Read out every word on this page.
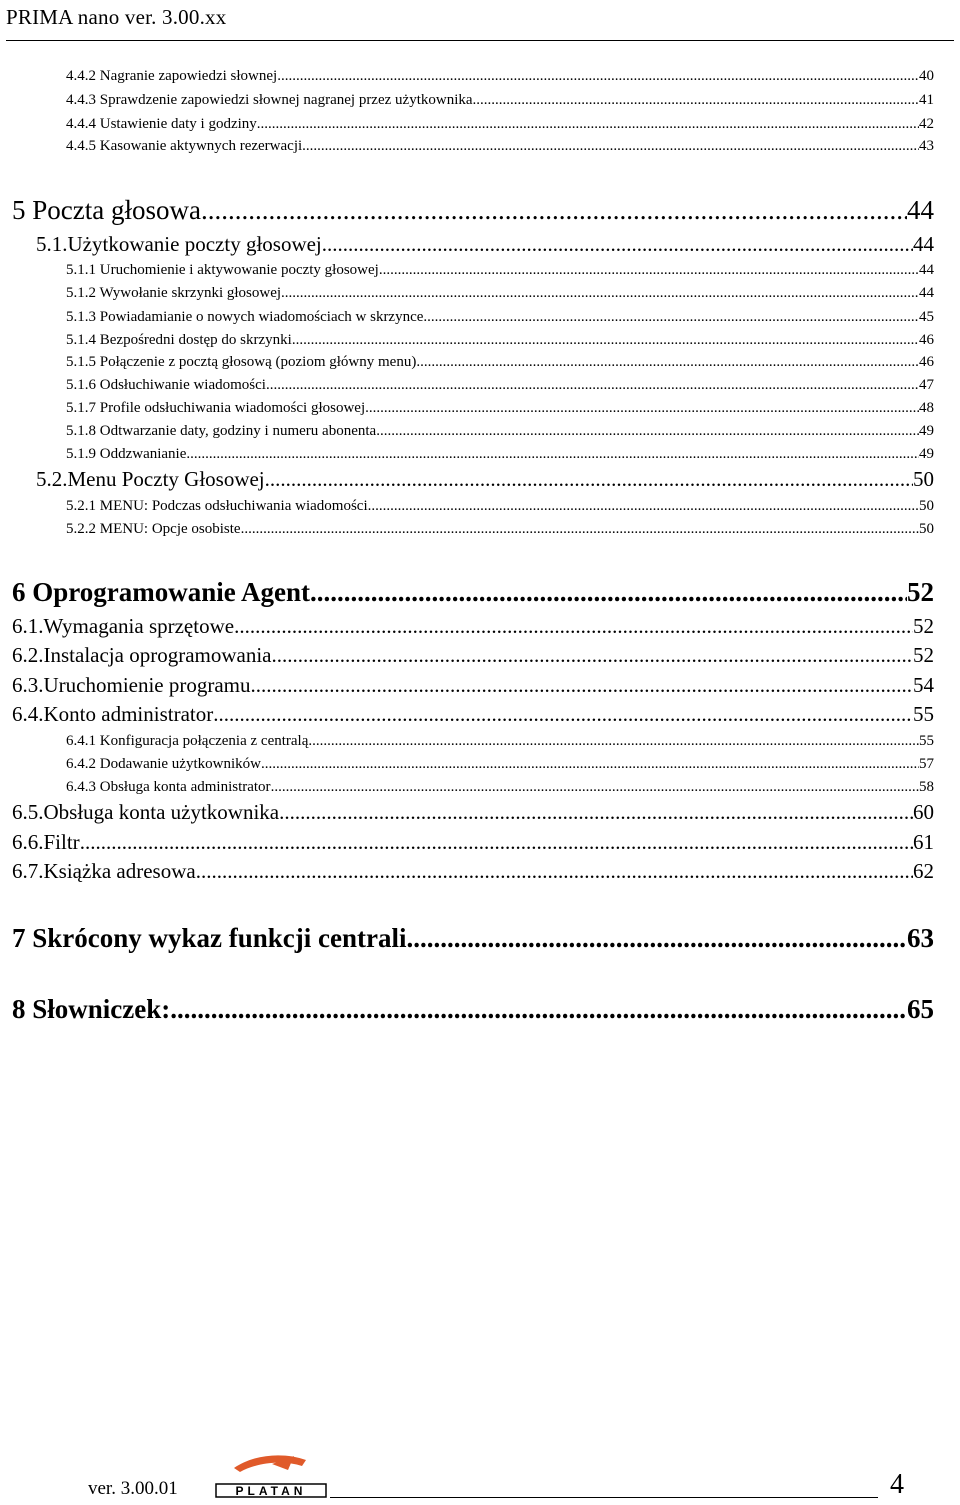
PRIMA nano ver. 3.00.xx
4.4.2 Nagranie zapowiedzi słownej .....	40
4.4.3 Sprawdzenie zapowiedzi słownej nagranej przez użytkownika .....	41
4.4.4 Ustawienie daty i godziny .....	42
4.4.5 Kasowanie aktywnych rezerwacji .....	43
5 Poczta głosowa .....	44
5.1.Użytkowanie poczty głosowej .....	44
5.1.1 Uruchomienie i aktywowanie poczty głosowej .....	44
5.1.2 Wywołanie skrzynki głosowej .....	44
5.1.3 Powiadamianie o nowych wiadomościach w skrzynce .....	45
5.1.4 Bezpośredni dostęp do skrzynki .....	46
5.1.5 Połączenie z pocztą głosową (poziom główny menu) .....	46
5.1.6 Odsłuchiwanie wiadomości .....	47
5.1.7 Profile odsłuchiwania wiadomości głosowej .....	48
5.1.8 Odtwarzanie daty, godziny i numeru abonenta .....	49
5.1.9 Oddzwanianie .....	49
5.2.Menu Poczty Głosowej .....	50
5.2.1 MENU: Podczas odsłuchiwania wiadomości .....	50
5.2.2 MENU: Opcje osobiste .....	50
6 Oprogramowanie Agent .....	52
6.1.Wymagania sprzętowe .....	52
6.2.Instalacja oprogramowania .....	52
6.3.Uruchomienie programu .....	54
6.4.Konto administrator .....	55
6.4.1 Konfiguracja połączenia z centralą .....	55
6.4.2 Dodawanie użytkowników .....	57
6.4.3 Obsługa konta administrator .....	58
6.5.Obsługa konta użytkownika .....	60
6.6.Filtr .....	61
6.7.Książka adresowa .....	62
7 Skrócony wykaz funkcji centrali .....	63
8 Słowniczek: .....	65
ver. 3.00.01	PLATAN	4
